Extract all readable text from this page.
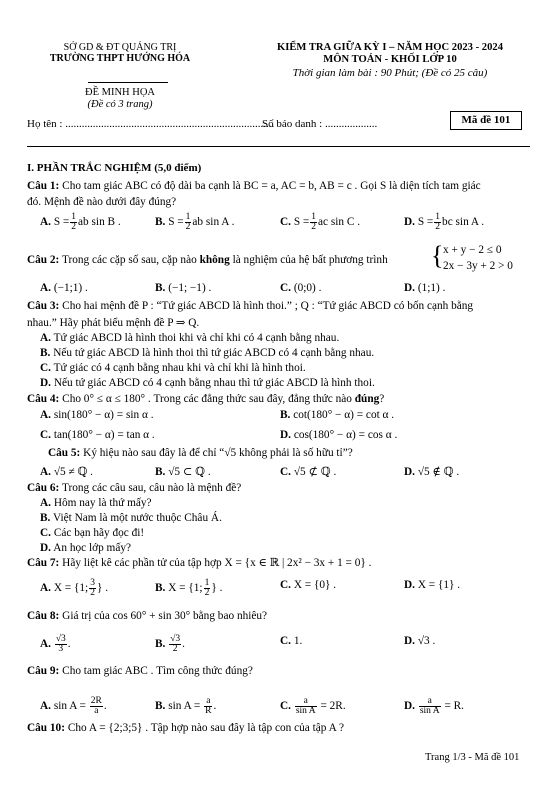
SỞ GD & ĐT QUẢNG TRỊ
TRƯỜNG THPT HƯỚNG HÓA
ĐỀ MINH HỌA
(Đề có 3 trang)
KIỂM TRA GIỮA KỲ I – NĂM HỌC 2023 - 2024
MÔN TOÁN - KHỐI LỚP 10
Thời gian làm bài : 90 Phút; (Đề có 25 câu)
Họ tên : ............................................................................
Số báo danh : ...................	Mã đề 101
I. PHẦN TRẮC NGHIỆM (5,0 điểm)
Câu 1: Cho tam giác ABC có độ dài ba cạnh là BC = a, AC = b, AB = c . Gọi S là diện tích tam giác
đó. Mệnh đề nào dưới đây đúng?
A. $S = \frac{1}{2}$ ab sin B .	B. $S = \frac{1}{2}$ ab sin A .	C. $S = \frac{1}{2}$ ac sin C .	D. $S = \frac{1}{2}$ bc sin A .
Câu 2: Trong các cặp số sau, cặp nào không là nghiệm của hệ bất phương trình { x + y − 2 ≤ 0
2x − 3y + 2 > 0
A. (−1;1) .	B. (−1; −1) .	C. (0;0) .	D. (1;1) .
Câu 3: Cho hai mệnh đề P : “Tứ giác ABCD là hình thoi.” ; Q : “Tứ giác ABCD có bốn cạnh bằng
nhau.” Hãy phát biểu mệnh đề P ⇒ Q.
A. Tứ giác ABCD là hình thoi khi và chỉ khi có 4 cạnh bằng nhau.
B. Nếu tứ giác ABCD là hình thoi thì tứ giác ABCD có 4 cạnh bằng nhau.
C. Tứ giác có 4 cạnh bằng nhau khi và chỉ khi là hình thoi.
D. Nếu tứ giác ABCD có 4 cạnh bằng nhau thì tứ giác ABCD là hình thoi.
Câu 4: Cho 0° ≤ α ≤ 180° . Trong các đẳng thức sau đây, đẳng thức nào đúng?
A. sin(180° − α) = sin α .	B. cot(180° − α) = cot α .
C. tan(180° − α) = tan α .	D. cos(180° − α) = cos α .
Câu 5: Ký hiệu nào sau đây là để chỉ “√5 không phải là số hữu tỉ”?
A. √5 ≠ ℚ .	B. √5 ⊂ ℚ .	C. √5 ⊄ ℚ .	D. √5 ∉ ℚ .
Câu 6: Trong các câu sau, câu nào là mệnh đề?
A. Hôm nay là thứ mấy?
B. Việt Nam là một nước thuộc Châu Á.
C. Các bạn hãy đọc đi!
D. An học lớp mấy?
Câu 7: Hãy liệt kê các phần tử của tập hợp X = {x ∈ ℝ | 2x² − 3x + 1 = 0} .
A. X = {1; $\frac{3}{2}$ } .	B. X = {1; $\frac{1}{2}$ } .	C. X = {0} .	D. X = {1} .
Câu 8: Giá trị của cos 60° + sin 30° bằng bao nhiêu?
A. $\frac{√3}{3}$ .	B. $\frac{√3}{2}$ .	C. 1.	D. √3 .
Câu 9: Cho tam giác ABC . Tìm công thức đúng?
A. $\sin A = \frac{2R}{a}$ .	B. $\sin A = \frac{a}{R}$ .	C. $\frac{a}{\text{sin A}} = 2R$.	D. $\frac{a}{\text{sin A}} = R$.
Câu 10: Cho A = {2;3;5} . Tập hợp nào sau đây là tập con của tập A ?
Trang 1/3 - Mã đề 101
